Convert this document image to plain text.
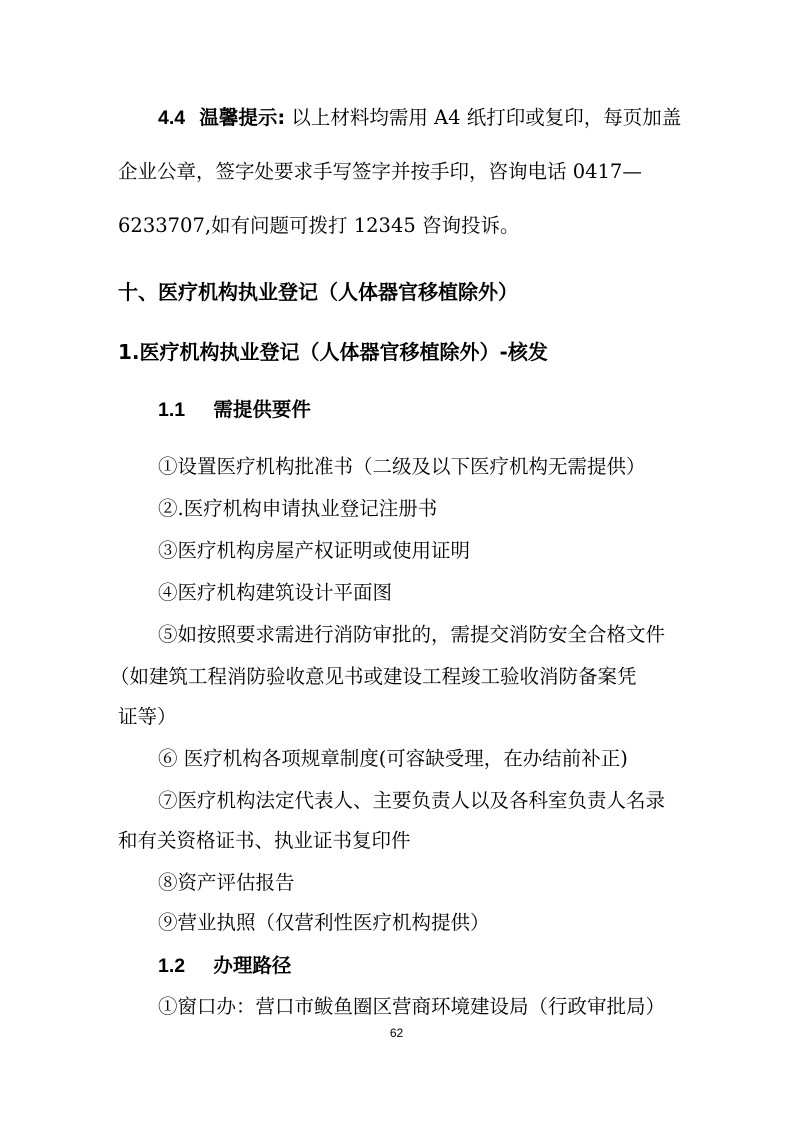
4.4 温馨提示: 以上材料均需用 A4 纸打印或复印，每页加盖
企业公章，签字处要求手写签字并按手印，咨询电话 0417—
6233707,如有问题可拨打 12345 咨询投诉。
十、医疗机构执业登记（人体器官移植除外）
1.医疗机构执业登记（人体器官移植除外）-核发
1.1 需提供要件
①设置医疗机构批准书（二级及以下医疗机构无需提供）
②.医疗机构申请执业登记注册书
③医疗机构房屋产权证明或使用证明
④医疗机构建筑设计平面图
⑤如按照要求需进行消防审批的，需提交消防安全合格文件
（如建筑工程消防验收意见书或建设工程竣工验收消防备案凭
证等）
⑥ 医疗机构各项规章制度(可容缺受理，在办结前补正)
⑦医疗机构法定代表人、主要负责人以及各科室负责人名录
和有关资格证书、执业证书复印件
⑧资产评估报告
⑨营业执照（仅营利性医疗机构提供）
1.2 办理路径
①窗口办：营口市鲅鱼圈区营商环境建设局（行政审批局）
62
